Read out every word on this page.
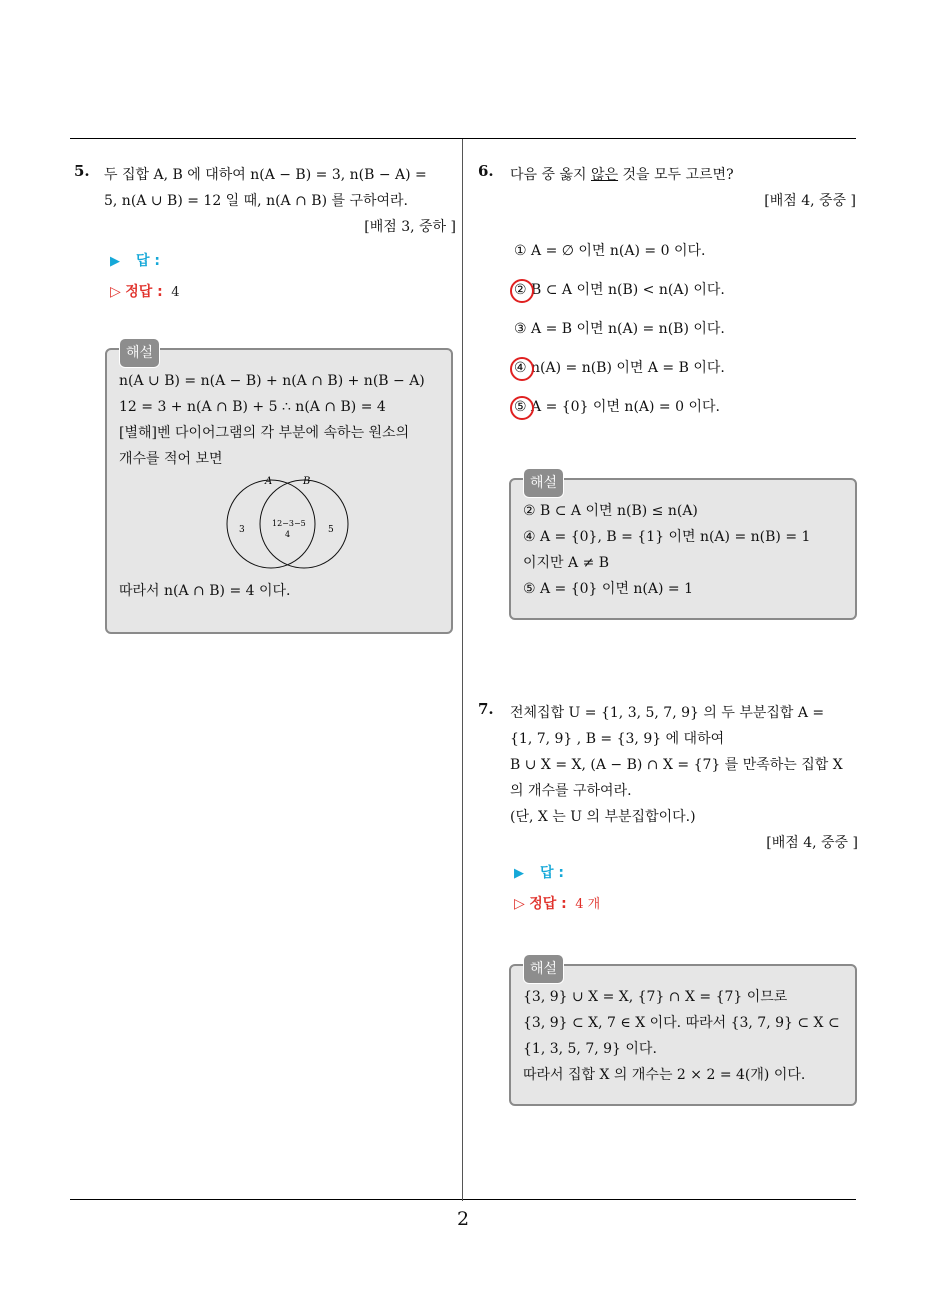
2
5. 두 집합 A, B 에 대하여 n(A − B) = 3, n(B − A) =
5, n(A ∪ B) = 12 일 때, n(A ∩ B) 를 구하여라.
[배점 3, 중하 ]
▶ 답 :
▷ 정답 : 4
해설
n(A ∪ B) = n(A − B) + n(A ∩ B) + n(B − A)
12 = 3 + n(A ∩ B) + 5 ∴ n(A ∩ B) = 4
[별해]벤 다이어그램의 각 부분에 속하는 원소의
개수를 적어 보면
A	B
3
12−3−5
4	5
따라서 n(A ∩ B) = 4 이다.
6. 다음 중 옳지 않은 것을 모두 고르면?
[배점 4, 중중 ]
① A = ∅ 이면 n(A) = 0 이다.
② B ⊂ A 이면 n(B) < n(A) 이다.
③ A = B 이면 n(A) = n(B) 이다.
④ n(A) = n(B) 이면 A = B 이다.
⑤ A = {0} 이면 n(A) = 0 이다.
해설
② B ⊂ A 이면 n(B) ≤ n(A)
④ A = {0}, B = {1} 이면 n(A) = n(B) = 1
이지만 A ≠ B
⑤ A = {0} 이면 n(A) = 1
7. 전체집합 U = {1, 3, 5, 7, 9} 의 두 부분집합 A =
{1, 7, 9} , B = {3, 9} 에 대하여
B ∪ X = X, (A − B) ∩ X = {7} 를 만족하는 집합 X
의 개수를 구하여라.
(단, X 는 U 의 부분집합이다.)
[배점 4, 중중 ]
▶ 답 :
▷ 정답 : 4 개
해설
{3, 9} ∪ X = X, {7} ∩ X = {7} 이므로
{3, 9} ⊂ X, 7 ∈ X 이다. 따라서 {3, 7, 9} ⊂ X ⊂
{1, 3, 5, 7, 9} 이다.
따라서 집합 X 의 개수는 2 × 2 = 4(개) 이다.
